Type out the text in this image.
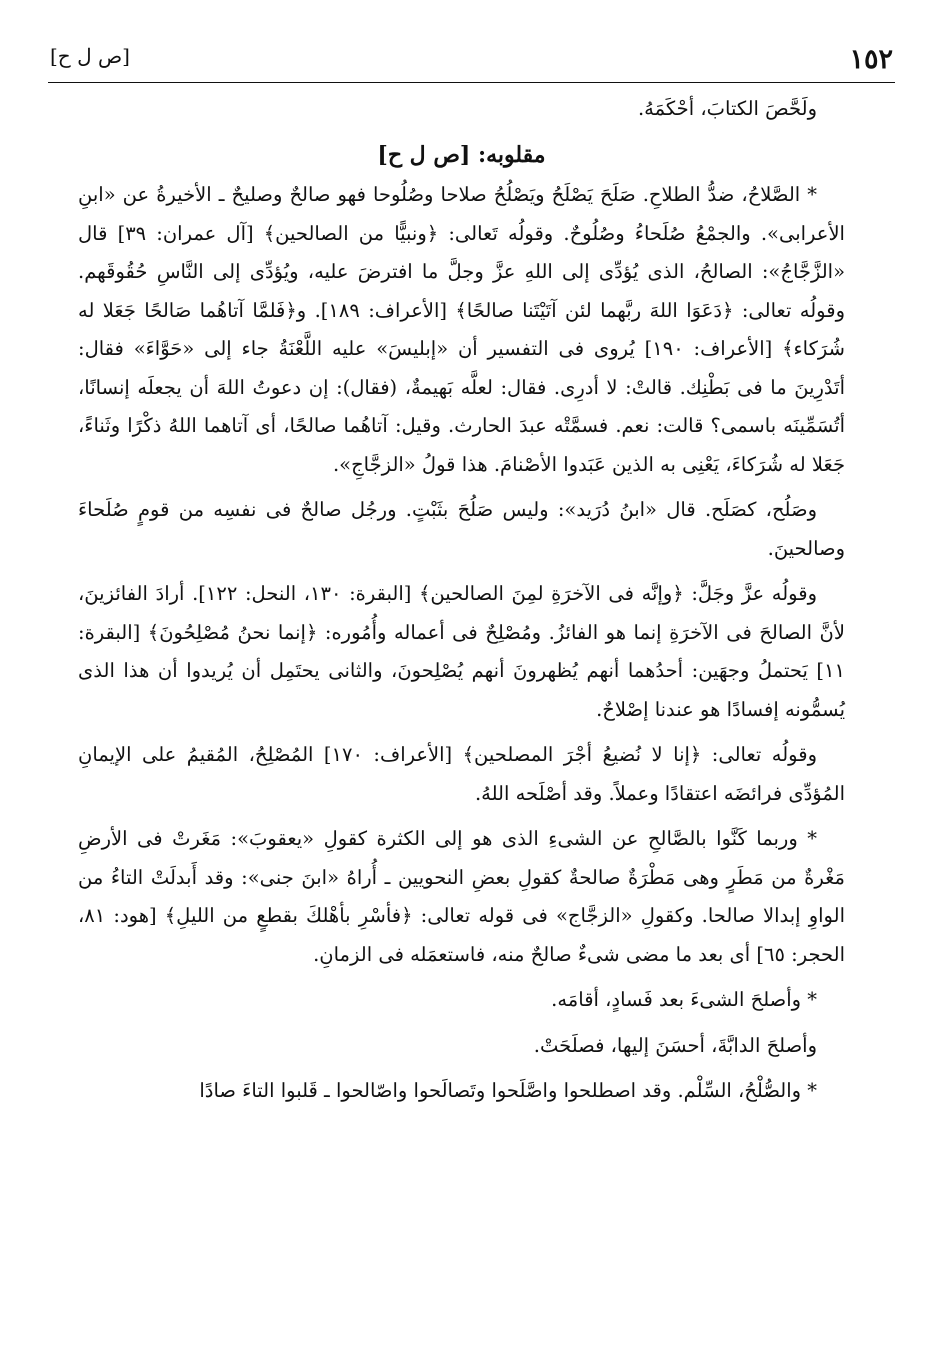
١٥٢
[ص ل ح]

ولَحَّصَ الكتابَ، أحْكَمَهُ.

مقلوبه: [ص ل ح]

* الصَّلاحُ، ضدُّ الطلاحِ. صَلَحَ يَصْلَحُ ويَصْلُحُ صلاحا وصُلُوحا فهو صالحٌ وصليحٌ ـ الأخيرةُ عن «ابنِ الأعرابى». والجمْعُ صُلَحاءُ وصُلُوحٌ. وقولُه تَعالى: ﴿ونبيًّا من الصالحين﴾ [آل عمران: ٣٩] قال «الزَّجَّاجُ»: الصالحُ، الذى يُؤدِّى إلى اللهِ عزَّ وجلَّ ما افترضَ عليه، ويُؤدِّى إلى النَّاسِ حُقُوقَهم. وقولُه تعالى: ﴿دَعَوَا اللهَ ربَّهما لئن آتَيْتَنا صالحًا﴾ [الأعراف: ١٨٩]. و﴿فَلمَّا آتاهُما صَالحًا جَعَلا له شُرَكاء﴾ [الأعراف: ١٩٠] يُروى فى التفسير أن «إبليسَ» عليه اللَّعْنَةُ جاء إلى «حَوَّاءَ» فقال: أتَدْرِينَ ما فى بَطْنِك. قالتْ: لا أدرِى. فقال: لعلَّه بَهيمةٌ، (فقال): إن دعوتُ اللهَ أن يجعلَه إنسانًا، أتُسَمِّينَه باسمى؟ قالت: نعم. فسمَّتْه عبدَ الحارث. وقيل: آتاهُما صالحًا، أى آتاهما اللهُ ذكْرًا وثَناءً، جَعَلا له شُرَكاءَ، يَعْنِى به الذين عَبَدوا الأصْنامَ. هذا قولُ «الزجَّاجِ».

وصَلُح، كصَلَح. قال «ابنُ دُرَيد»: وليس صَلُحَ بثَبْتٍ. ورجُل صالحٌ فى نفسِه من قومٍ صُلَحاءَ وصالحينَ.

وقولُه عزَّ وجَلَّ: ﴿وإنَّه فى الآخرَةِ لمِنَ الصالحين﴾ [البقرة: ١٣٠، النحل: ١٢٢]. أرادَ الفائزينَ، لأنَّ الصالحَ فى الآخرَةِ إنما هو الفائزُ. ومُصْلِحٌ فى أعماله وأُمُوره: ﴿إنما نحنُ مُصْلِحُونَ﴾ [البقرة: ١١] يَحتملُ وجهَين: أحدُهما أنهم يُظهرونَ أنهم يُصْلِحونَ، والثانى يحتَمِل أن يُريدوا أن هذا الذى يُسمُّونه إفسادًا هو عندنا إصْلاحٌ.

وقولُه تعالى: ﴿إنا لا نُضيعُ أجْرَ المصلحين﴾ [الأعراف: ١٧٠] المُصْلِحُ، المُقيمُ على الإيمانِ المُؤدِّى فرائضَه اعتقادًا وعملاً. وقد أصْلَحه اللهُ.

* وربما كَنَّوا بالصَّالحِ عن الشىءِ الذى هو إلى الكثرة كقولِ «يعقوبَ»: مَغَرتْ فى الأرضِ مَغْرةٌ من مَطَرٍ وهى مَطْرَةٌ صالحةٌ كقولِ بعضِ النحويين ـ أُراهُ «ابنَ جنى»: وقد أَبدلَتْ التاءُ من الواوِ إبدالا صالحا. وكقولِ «الزجَّاج» فى قوله تعالى: ﴿فأسْرِ بأهْلكَ بقطعٍ من الليلِ﴾ [هود: ٨١، الحجر: ٦٥] أى بعد ما مضى شىءٌ صالحٌ منه، فاستعمَله فى الزمانِ.

* وأصلحَ الشىءَ بعد فَسادٍ، أقامَه.

وأصلحَ الدابَّةَ، أحسَنَ إليها، فصلَحَتْ.

* والصُّلْحُ، السِّلْم. وقد اصطلحوا واصَّلَحوا وتَصالَحوا واصّالحوا ـ قَلبوا التاءَ صادًا
